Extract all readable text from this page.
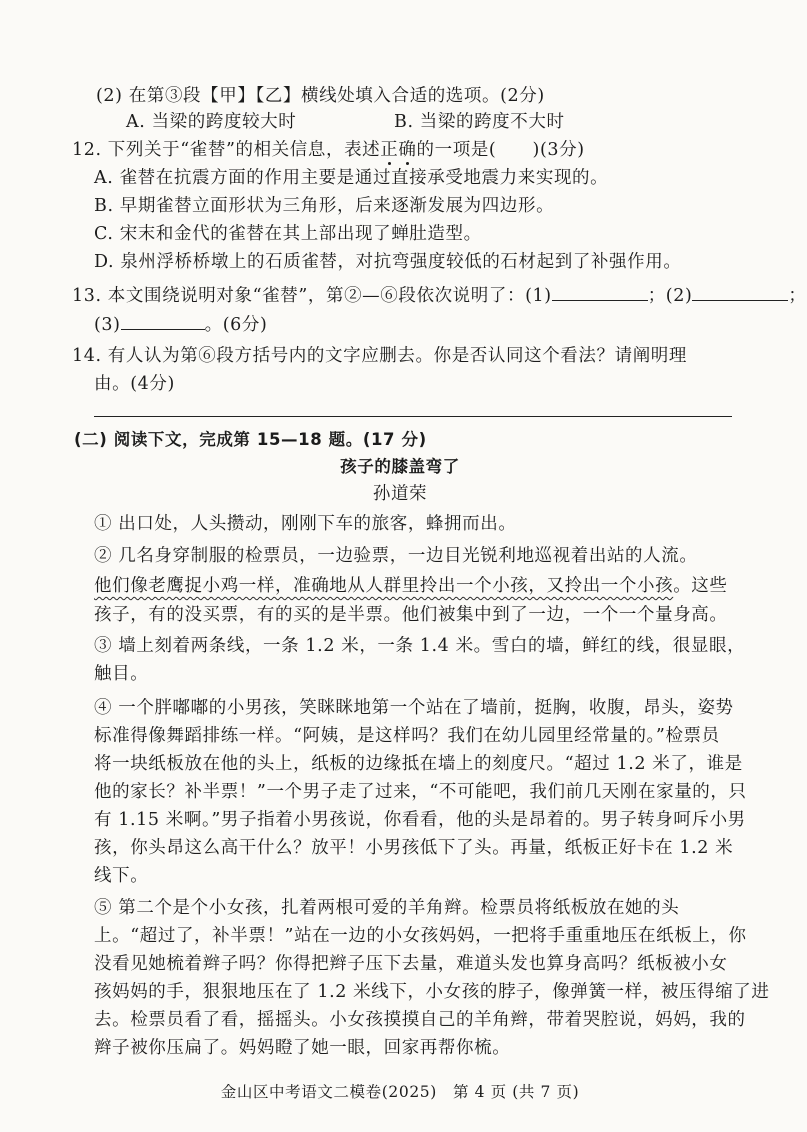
(2) 在第③段【甲】【乙】横线处填入合适的选项。(2分)
A. 当梁的跨度较大时	B. 当梁的跨度不大时
12. 下列关于“雀替”的相关信息，表述正确的一项是(　　)(3分)
A. 雀替在抗震方面的作用主要是通过直接承受地震力来实现的。
B. 早期雀替立面形状为三角形，后来逐渐发展为四边形。
C. 宋末和金代的雀替在其上部出现了蝉肚造型。
D. 泉州浮桥桥墩上的石质雀替，对抗弯强度较低的石材起到了补强作用。
13. 本文围绕说明对象“雀替”，第②—⑥段依次说明了：(1)	；(2)	；
(3)	。(6分)
14. 有人认为第⑥段方括号内的文字应删去。你是否认同这个看法？请阐明理
由。(4分)
(二) 阅读下文，完成第 15—18 题。(17 分)
孩子的膝盖弯了
孙道荣
① 出口处，人头攒动，刚刚下车的旅客，蜂拥而出。
② 几名身穿制服的检票员，一边验票，一边目光锐利地巡视着出站的人流。
他们像老鹰捉小鸡一样，准确地从人群里拎出一个小孩，又拎出一个小孩。这些
孩子，有的没买票，有的买的是半票。他们被集中到了一边，一个一个量身高。
③ 墙上刻着两条线，一条 1.2 米，一条 1.4 米。雪白的墙，鲜红的线，很显眼，
触目。
④ 一个胖嘟嘟的小男孩，笑眯眯地第一个站在了墙前，挺胸，收腹，昂头，姿势
标准得像舞蹈排练一样。“阿姨，是这样吗？我们在幼儿园里经常量的。”检票员
将一块纸板放在他的头上，纸板的边缘抵在墙上的刻度尺。“超过 1.2 米了，谁是
他的家长？补半票！”一个男子走了过来，“不可能吧，我们前几天刚在家量的，只
有 1.15 米啊。”男子指着小男孩说，你看看，他的头是昂着的。男子转身呵斥小男
孩，你头昂这么高干什么？放平！小男孩低下了头。再量，纸板正好卡在 1.2 米
线下。
⑤ 第二个是个小女孩，扎着两根可爱的羊角辫。检票员将纸板放在她的头
上。“超过了，补半票！”站在一边的小女孩妈妈，一把将手重重地压在纸板上，你
没看见她梳着辫子吗？你得把辫子压下去量，难道头发也算身高吗？纸板被小女
孩妈妈的手，狠狠地压在了 1.2 米线下，小女孩的脖子，像弹簧一样，被压得缩了进
去。检票员看了看，摇摇头。小女孩摸摸自己的羊角辫，带着哭腔说，妈妈，我的
辫子被你压扁了。妈妈瞪了她一眼，回家再帮你梳。
金山区中考语文二模卷(2025)　第 4 页 (共 7 页)
